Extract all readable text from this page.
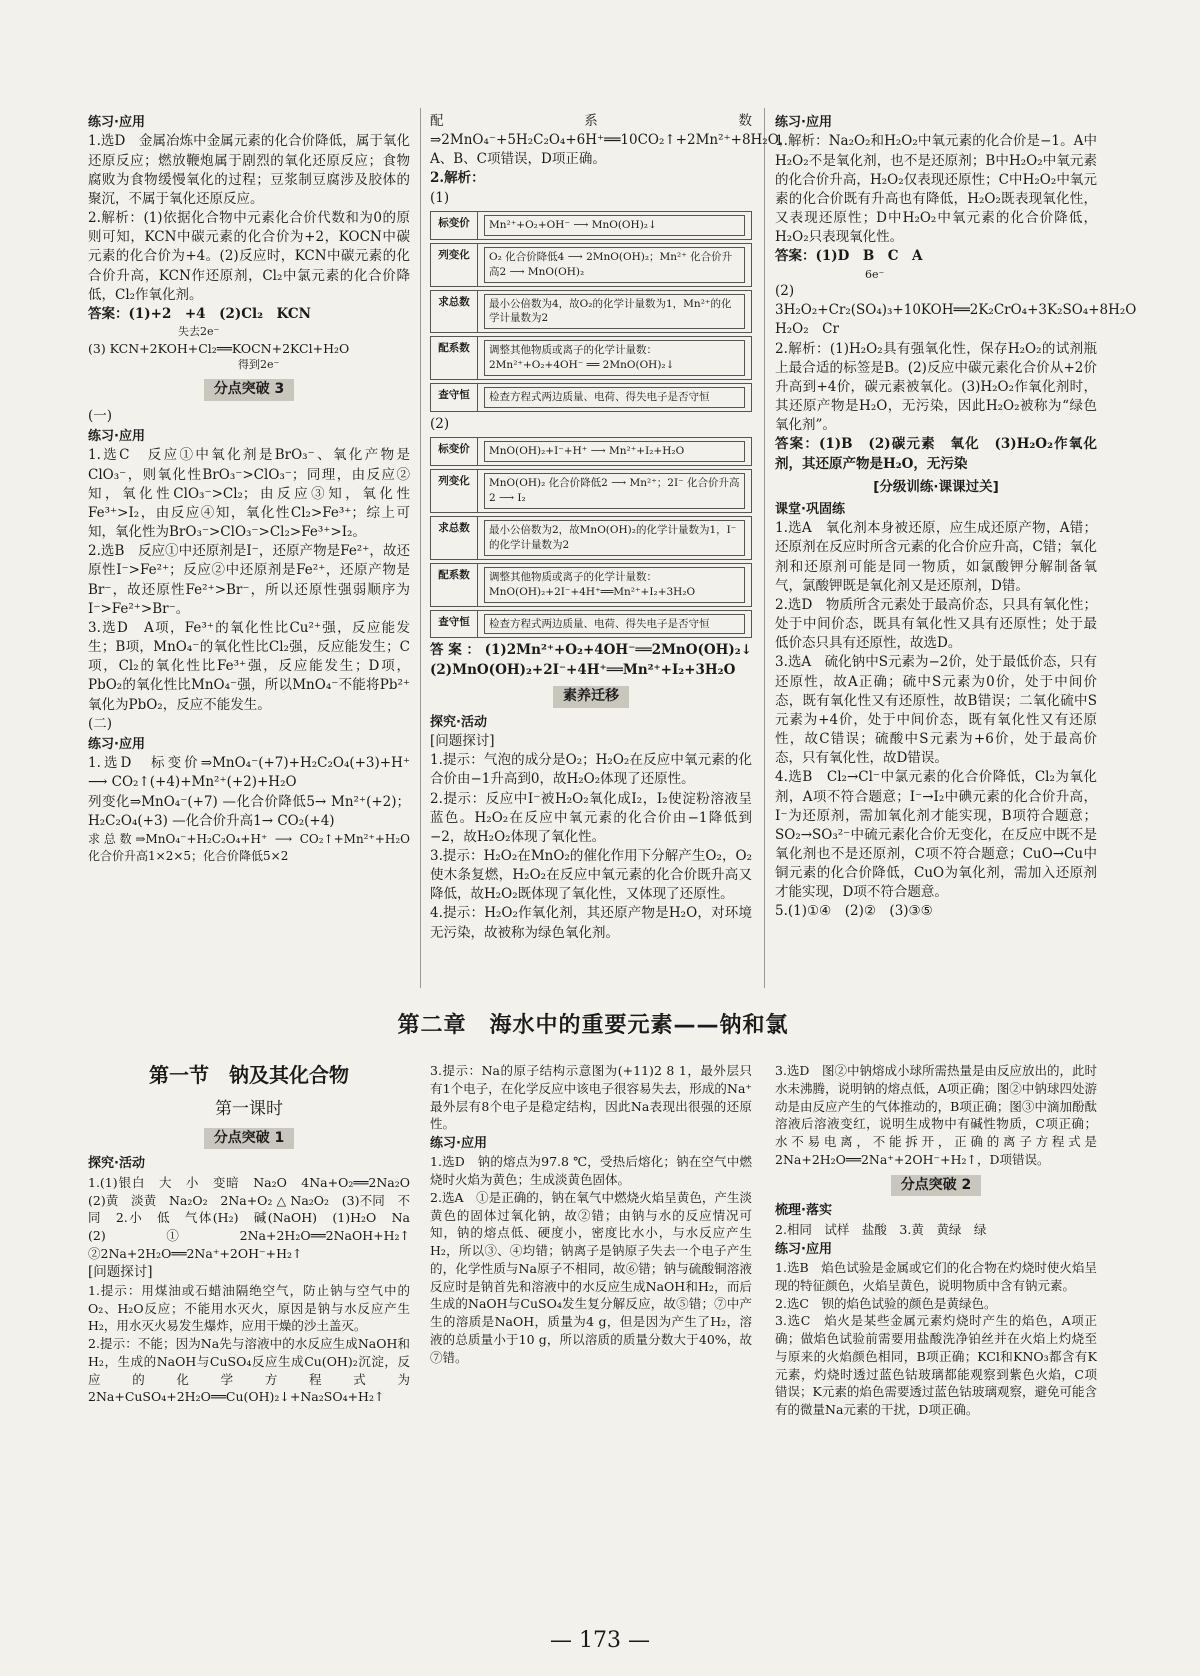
练习·应用

1.选D　金属冶炼中金属元素的化合价降低，属于氧化还原反应；燃放鞭炮属于剧烈的氧化还原反应；食物腐败为食物缓慢氧化的过程；豆浆制豆腐涉及胶体的聚沉，不属于氧化还原反应。

2.解析：(1)依据化合物中元素化合价代数和为0的原则可知，KCN中碳元素的化合价为+2，KOCN中碳元素的化合价为+4。(2)反应时，KCN中碳元素的化合价升高，KCN作还原剂，Cl₂中氯元素的化合价降低，Cl₂作氧化剂。

答案：(1)+2　+4　(2)Cl₂　KCN

失去2e⁻
(3) KCN+2KOH+Cl₂══KOCN+2KCl+H₂O
得到2e⁻
分点突破 3
(一)
练习·应用

1.选C　反应①中氧化剂是BrO₃⁻、氧化产物是ClO₃⁻，则氧化性BrO₃⁻>ClO₃⁻；同理，由反应②知，氧化性ClO₃⁻>Cl₂；由反应③知，氧化性Fe³⁺>I₂，由反应④知，氧化性Cl₂>Fe³⁺；综上可知，氧化性为BrO₃⁻>ClO₃⁻>Cl₂>Fe³⁺>I₂。

2.选B　反应①中还原剂是I⁻，还原产物是Fe²⁺，故还原性I⁻>Fe²⁺；反应②中还原剂是Fe²⁺，还原产物是Br⁻，故还原性Fe²⁺>Br⁻，所以还原性强弱顺序为I⁻>Fe²⁺>Br⁻。

3.选D　A项，Fe³⁺的氧化性比Cu²⁺强，反应能发生；B项，MnO₄⁻的氧化性比Cl₂强，反应能发生；C项，Cl₂的氧化性比Fe³⁺强，反应能发生；D项，PbO₂的氧化性比MnO₄⁻强，所以MnO₄⁻不能将Pb²⁺氧化为PbO₂，反应不能发生。

(二)
练习·应用

1.选D　标变价⇒MnO₄⁻(+7)+H₂C₂O₄(+3)+H⁺ ⟶ CO₂↑(+4)+Mn²⁺(+2)+H₂O

列变化⇒MnO₄⁻(+7) —化合价降低5→ Mn²⁺(+2)；H₂C₂O₄(+3) —化合价升高1→ CO₂(+4)

求总数⇒MnO₄⁻+H₂C₂O₄+H⁺ ⟶ CO₂↑+Mn²⁺+H₂O　化合价升高1×2×5；化合价降低5×2

配系数⇒2MnO₄⁻+5H₂C₂O₄+6H⁺══10CO₂↑+2Mn²⁺+8H₂O，A、B、C项错误，D项正确。

2.解析：

(1)
标变价	Mn²⁺+O₂+OH⁻ ⟶ MnO(OH)₂↓
列变化	O₂ 化合价降低4 ⟶ 2MnO(OH)₂；Mn²⁺ 化合价升高2 ⟶ MnO(OH)₂
求总数	最小公倍数为4，故O₂的化学计量数为1，Mn²⁺的化学计量数为2
配系数	调整其他物质或离子的化学计量数：2Mn²⁺+O₂+4OH⁻ ══ 2MnO(OH)₂↓
查守恒	检查方程式两边质量、电荷、得失电子是否守恒
(2)
标变价	MnO(OH)₂+I⁻+H⁺ ⟶ Mn²⁺+I₂+H₂O
列变化	MnO(OH)₂ 化合价降低2 ⟶ Mn²⁺；2I⁻ 化合价升高2 ⟶ I₂
求总数	最小公倍数为2，故MnO(OH)₂的化学计量数为1，I⁻的化学计量数为2
配系数	调整其他物质或离子的化学计量数：MnO(OH)₂+2I⁻+4H⁺══Mn²⁺+I₂+3H₂O
查守恒	检查方程式两边质量、电荷、得失电子是否守恒

答案：(1)2Mn²⁺+O₂+4OH⁻══2MnO(OH)₂↓　(2)MnO(OH)₂+2I⁻+4H⁺══Mn²⁺+I₂+3H₂O

素养迁移
探究·活动
[问题探讨]

1.提示：气泡的成分是O₂；H₂O₂在反应中氧元素的化合价由−1升高到0，故H₂O₂体现了还原性。

2.提示：反应中I⁻被H₂O₂氧化成I₂，I₂使淀粉溶液呈蓝色。H₂O₂在反应中氧元素的化合价由−1降低到−2，故H₂O₂体现了氧化性。

3.提示：H₂O₂在MnO₂的催化作用下分解产生O₂，O₂使木条复燃，H₂O₂在反应中氧元素的化合价既升高又降低，故H₂O₂既体现了氧化性，又体现了还原性。

4.提示：H₂O₂作氧化剂，其还原产物是H₂O，对环境无污染，故被称为绿色氧化剂。

练习·应用

1.解析：Na₂O₂和H₂O₂中氧元素的化合价是−1。A中H₂O₂不是氧化剂，也不是还原剂；B中H₂O₂中氧元素的化合价升高，H₂O₂仅表现还原性；C中H₂O₂中氧元素的化合价既有升高也有降低，H₂O₂既表现氧化性，又表现还原性；D中H₂O₂中氧元素的化合价降低，H₂O₂只表现氧化性。

答案：(1)D　B　C　A

6e⁻

(2) 3H₂O₂+Cr₂(SO₄)₃+10KOH══2K₂CrO₄+3K₂SO₄+8H₂O　H₂O₂　Cr

2.解析：(1)H₂O₂具有强氧化性，保存H₂O₂的试剂瓶上最合适的标签是B。(2)反应中碳元素化合价从+2价升高到+4价，碳元素被氧化。(3)H₂O₂作氧化剂时，其还原产物是H₂O，无污染，因此H₂O₂被称为“绿色氧化剂”。

答案：(1)B　(2)碳元素　氧化　(3)H₂O₂作氧化剂，其还原产物是H₂O，无污染

[分级训练·课课过关]
课堂·巩固练

1.选A　氧化剂本身被还原，应生成还原产物，A错；还原剂在反应时所含元素的化合价应升高，C错；氧化剂和还原剂可能是同一物质，如氯酸钾分解制备氧气，氯酸钾既是氧化剂又是还原剂，D错。

2.选D　物质所含元素处于最高价态，只具有氧化性；处于中间价态，既具有氧化性又具有还原性；处于最低价态只具有还原性，故选D。

3.选A　硫化钠中S元素为−2价，处于最低价态，只有还原性，故A正确；硫中S元素为0价，处于中间价态，既有氧化性又有还原性，故B错误；二氧化硫中S元素为+4价，处于中间价态，既有氧化性又有还原性，故C错误；硫酸中S元素为+6价，处于最高价态，只有氧化性，故D错误。

4.选B　Cl₂→Cl⁻中氯元素的化合价降低，Cl₂为氧化剂，A项不符合题意；I⁻→I₂中碘元素的化合价升高，I⁻为还原剂，需加氧化剂才能实现，B项符合题意；SO₂→SO₃²⁻中硫元素化合价无变化，在反应中既不是氧化剂也不是还原剂，C项不符合题意；CuO→Cu中铜元素的化合价降低，CuO为氧化剂，需加入还原剂才能实现，D项不符合题意。

5.(1)①④　(2)②　(3)③⑤

第二章　海水中的重要元素——钠和氯
第一节　钠及其化合物
第一课时
分点突破 1
探究·活动

1.(1)银白　大　小　变暗　Na₂O　4Na+O₂══2Na₂O　(2)黄　淡黄　Na₂O₂　2Na+O₂ △ Na₂O₂　(3)不同　不同　2.小　低　气体(H₂)　碱(NaOH)　(1)H₂O　Na　(2)①2Na+2H₂O══2NaOH+H₂↑　②2Na+2H₂O══2Na⁺+2OH⁻+H₂↑

[问题探讨]

1.提示：用煤油或石蜡油隔绝空气，防止钠与空气中的O₂、H₂O反应；不能用水灭火，原因是钠与水反应产生H₂，用水灭火易发生爆炸，应用干燥的沙土盖灭。

2.提示：不能；因为Na先与溶液中的水反应生成NaOH和H₂，生成的NaOH与CuSO₄反应生成Cu(OH)₂沉淀，反应的化学方程式为2Na+CuSO₄+2H₂O══Cu(OH)₂↓+Na₂SO₄+H₂↑

3.提示：Na的原子结构示意图为(+11)2 8 1，最外层只有1个电子，在化学反应中该电子很容易失去，形成的Na⁺最外层有8个电子是稳定结构，因此Na表现出很强的还原性。

练习·应用

1.选D　钠的熔点为97.8 ℃，受热后熔化；钠在空气中燃烧时火焰为黄色；生成淡黄色固体。

2.选A　①是正确的，钠在氧气中燃烧火焰呈黄色，产生淡黄色的固体过氧化钠，故②错；由钠与水的反应情况可知，钠的熔点低、硬度小，密度比水小，与水反应产生H₂，所以③、④均错；钠离子是钠原子失去一个电子产生的，化学性质与Na原子不相同，故⑥错；钠与硫酸铜溶液反应时是钠首先和溶液中的水反应生成NaOH和H₂，而后生成的NaOH与CuSO₄发生复分解反应，故⑤错；⑦中产生的溶质是NaOH，质量为4 g，但是因为产生了H₂，溶液的总质量小于10 g，所以溶质的质量分数大于40%，故⑦错。

3.选D　图②中钠熔成小球所需热量是由反应放出的，此时水未沸腾，说明钠的熔点低，A项正确；图②中钠球四处游动是由反应产生的气体推动的，B项正确；图③中滴加酚酞溶液后溶液变红，说明生成物中有碱性物质，C项正确；水不易电离，不能拆开，正确的离子方程式是2Na+2H₂O══2Na⁺+2OH⁻+H₂↑，D项错误。

分点突破 2
梳理·落实

2.相同　试样　盐酸　3.黄　黄绿　绿

练习·应用

1.选B　焰色试验是金属或它们的化合物在灼烧时使火焰呈现的特征颜色，火焰呈黄色，说明物质中含有钠元素。

2.选C　钡的焰色试验的颜色是黄绿色。

3.选C　焰火是某些金属元素灼烧时产生的焰色，A项正确；做焰色试验前需要用盐酸洗净铂丝并在火焰上灼烧至与原来的火焰颜色相同，B项正确；KCl和KNO₃都含有K元素，灼烧时透过蓝色钴玻璃都能观察到紫色火焰，C项错误；K元素的焰色需要透过蓝色钴玻璃观察，避免可能含有的微量Na元素的干扰，D项正确。

— 173 —
